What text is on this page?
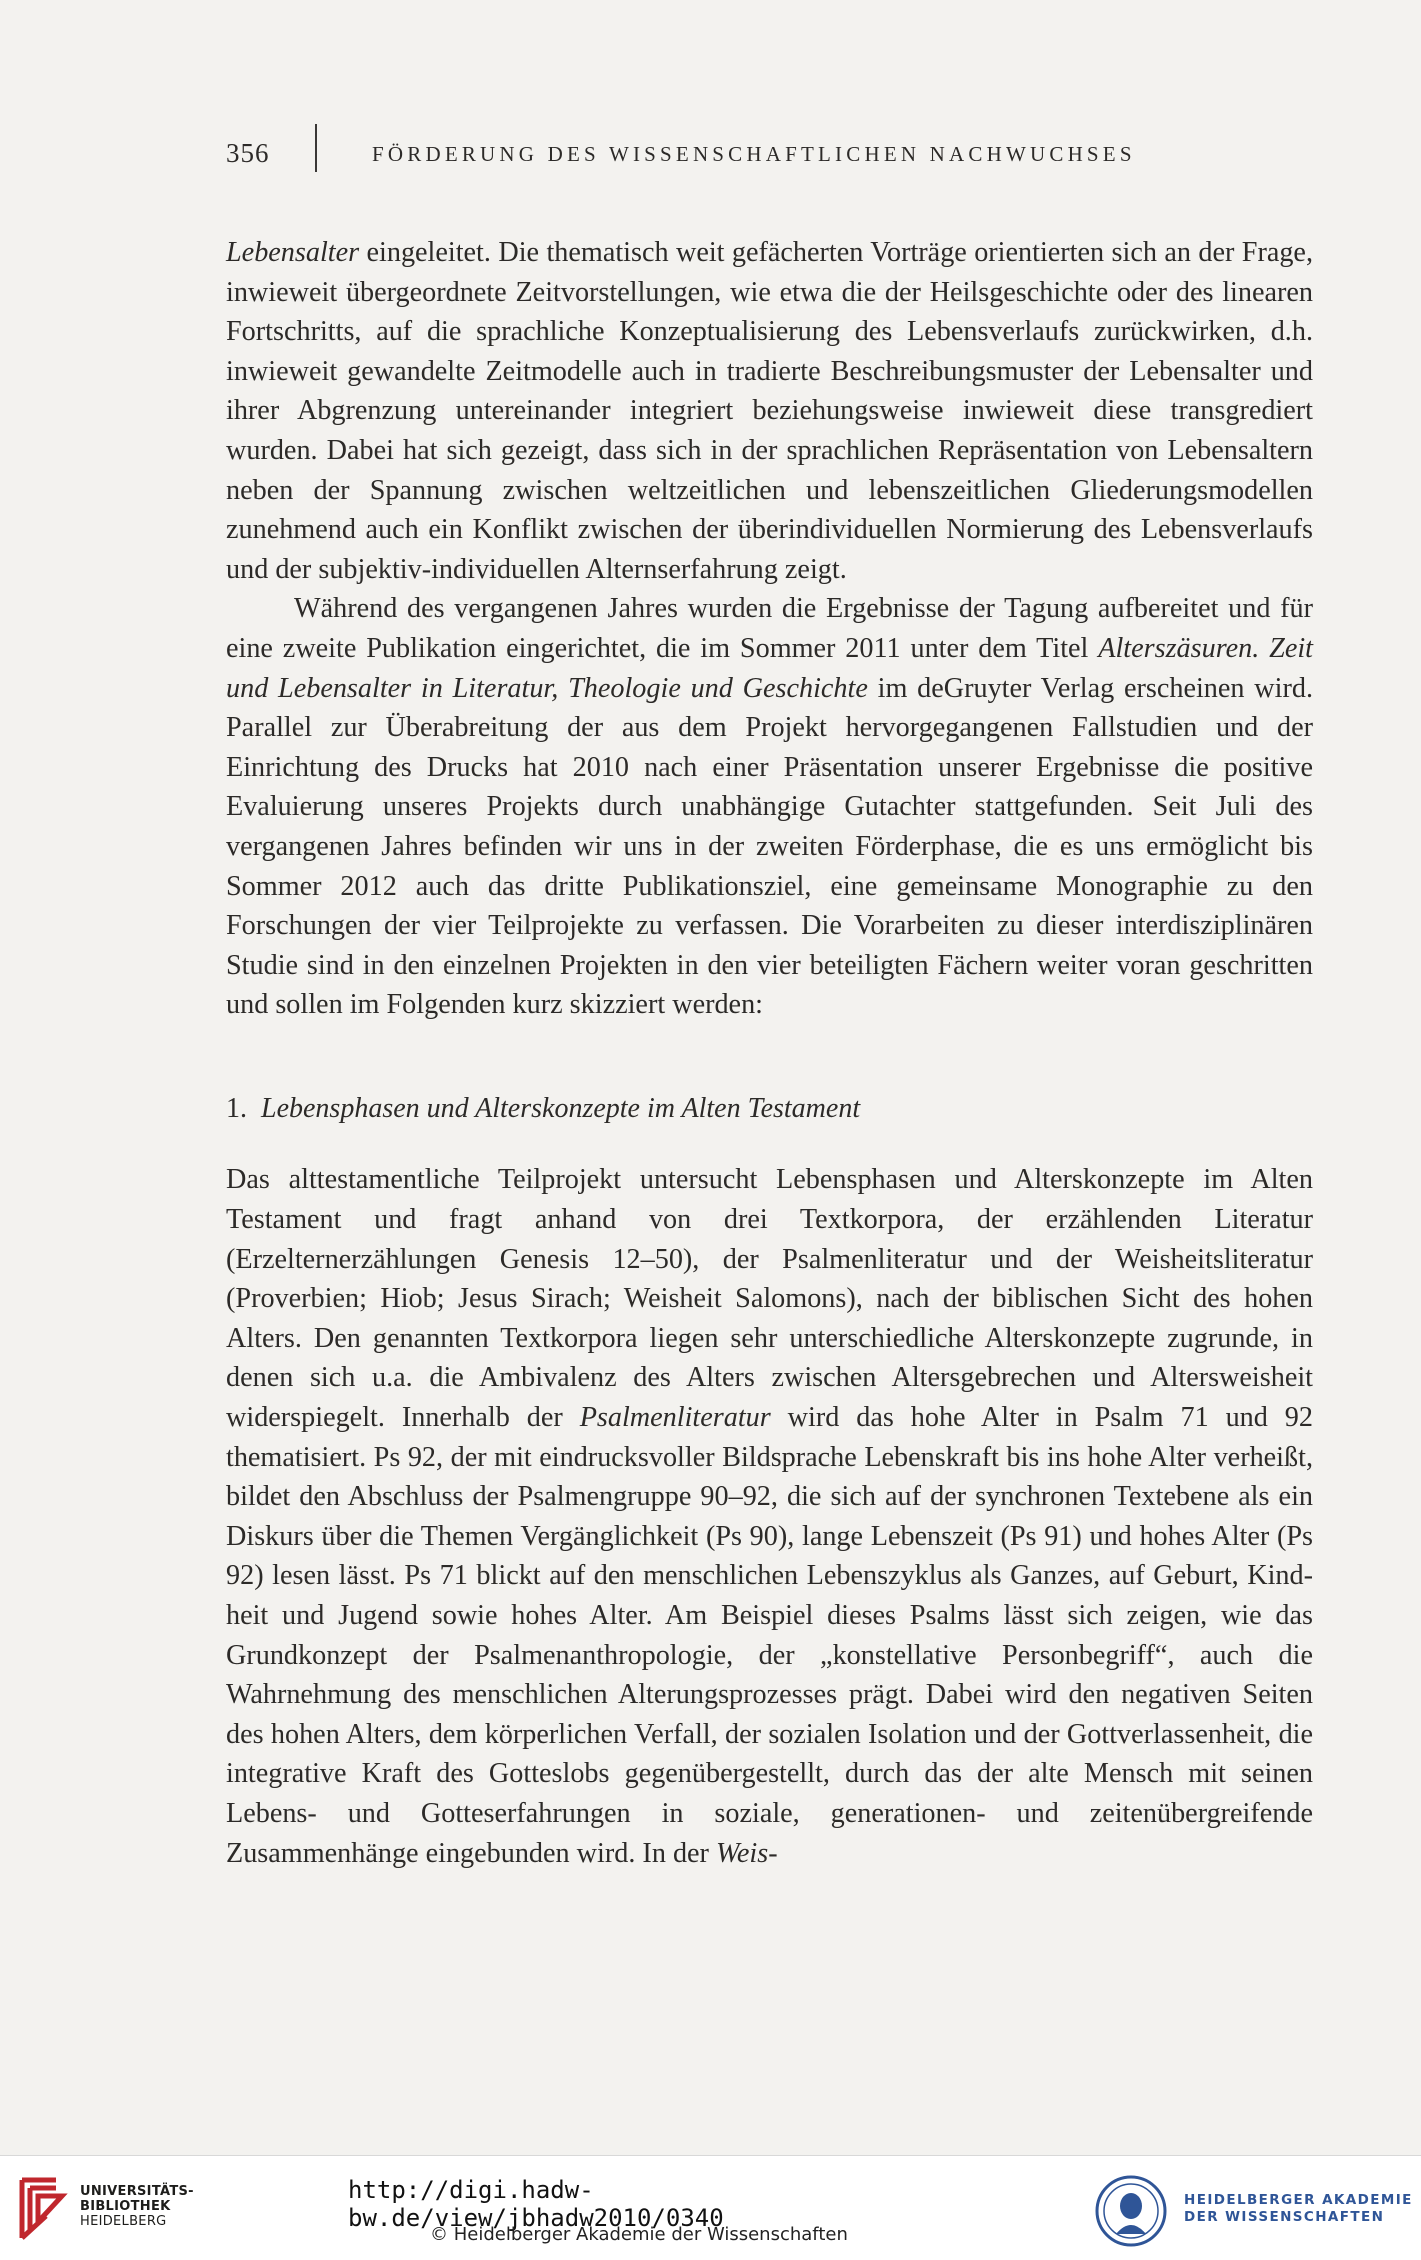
356	FÖRDERUNG DES WISSENSCHAFTLICHEN NACHWUCHSES

Lebensalter eingeleitet. Die thematisch weit gefächerten Vorträge orientierten sich an der Frage, inwieweit übergeordnete Zeitvorstellungen, wie etwa die der Heilsgeschichte oder des linearen Fortschritts, auf die sprachliche Konzeptualisierung des Lebensverlaufs zurückwirken, d.h. inwieweit gewandelte Zeitmodelle auch in tradierte Beschreibungsmuster der Lebensalter und ihrer Abgrenzung untereinander integriert beziehungsweise inwieweit diese transgrediert wurden. Dabei hat sich gezeigt, dass sich in der sprachlichen Repräsentation von Lebensaltern neben der Spannung zwischen weltzeitlichen und lebenszeitlichen Gliederungsmodellen zunehmend auch ein Konflikt zwischen der überindividuellen Normierung des Lebensverlaufs und der subjektiv-individuellen Alternserfahrung zeigt.

Während des vergangenen Jahres wurden die Ergebnisse der Tagung aufbereitet und für eine zweite Publikation eingerichtet, die im Sommer 2011 unter dem Titel Alterszäsuren. Zeit und Lebensalter in Literatur, Theologie und Geschichte im deGruyter Verlag erscheinen wird. Parallel zur Überabreitung der aus dem Projekt hervorgegangenen Fallstudien und der Einrichtung des Drucks hat 2010 nach einer Präsentation unserer Ergebnisse die positive Evaluierung unseres Projekts durch unabhängige Gutachter stattgefunden. Seit Juli des vergangenen Jahres befinden wir uns in der zweiten Förderphase, die es uns ermöglicht bis Sommer 2012 auch das dritte Publikationsziel, eine gemeinsame Monographie zu den Forschungen der vier Teilprojekte zu verfassen. Die Vorarbeiten zu dieser interdisziplinären Studie sind in den einzelnen Projekten in den vier beteiligten Fächern weiter voran geschritten und sollen im Folgenden kurz skizziert werden:

1. Lebensphasen und Alterskonzepte im Alten Testament

Das alttestamentliche Teilprojekt untersucht Lebensphasen und Alterskonzepte im Alten Testament und fragt anhand von drei Textkorpora, der erzählenden Literatur (Erzelternerzählungen Genesis 12–50), der Psalmenliteratur und der Weisheitsliteratur (Proverbien; Hiob; Jesus Sirach; Weisheit Salomons), nach der biblischen Sicht des hohen Alters. Den genannten Textkorpora liegen sehr unterschiedliche Alterskonzepte zugrunde, in denen sich u.a. die Ambivalenz des Alters zwischen Altersgebrechen und Altersweisheit widerspiegelt. Innerhalb der Psalmenliteratur wird das hohe Alter in Psalm 71 und 92 thematisiert. Ps 92, der mit eindrucksvoller Bildsprache Lebenskraft bis ins hohe Alter verheißt, bildet den Abschluss der Psalmengruppe 90–92, die sich auf der synchronen Textebene als ein Diskurs über die Themen Vergänglichkeit (Ps 90), lange Lebenszeit (Ps 91) und hohes Alter (Ps 92) lesen lässt. Ps 71 blickt auf den menschlichen Lebenszyklus als Ganzes, auf Geburt, Kindheit und Jugend sowie hohes Alter. Am Beispiel dieses Psalms lässt sich zeigen, wie das Grundkonzept der Psalmenanthropologie, der „konstellative Personbegriff“, auch die Wahrnehmung des menschlichen Alterungsprozesses prägt. Dabei wird den negativen Seiten des hohen Alters, dem körperlichen Verfall, der sozialen Isolation und der Gottverlassenheit, die integrative Kraft des Gotteslobs gegenübergestellt, durch das der alte Mensch mit seinen Lebens- und Gotteserfahrungen in soziale, generationen- und zeitenübergreifende Zusammenhänge eingebunden wird. In der Weis-

UNIVERSITÄTS-
BIBLIOTHEK
HEIDELBERG
http://digi.hadw-bw.de/view/jbhadw2010/0340
© Heidelberger Akademie der Wissenschaften
HEIDELBERGER AKADEMIE
DER WISSENSCHAFTEN
